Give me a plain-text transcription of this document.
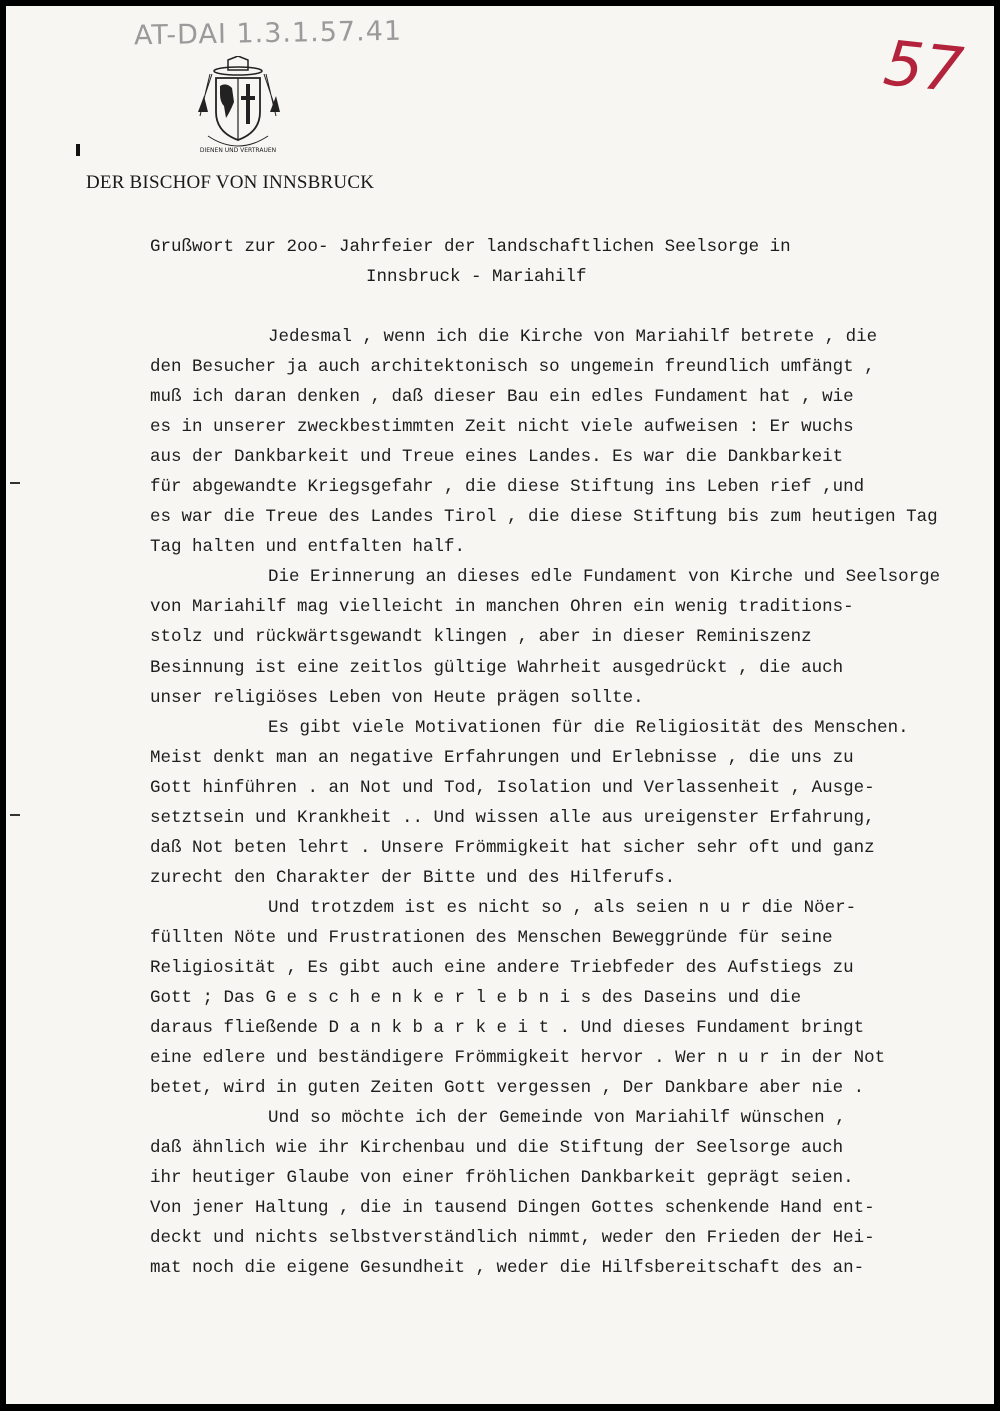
AT-DAI 1.3.1.57.41	57
DIENEN UND VERTRAUEN
DER BISCHOF VON INNSBRUCK
Grußwort zur 2oo- Jahrfeier der landschaftlichen Seelsorge in
Innsbruck - Mariahilf
Jedesmal , wenn ich die Kirche von Mariahilf betrete , die
den Besucher ja auch architektonisch so ungemein freundlich umfängt ,
muß ich daran denken , daß dieser Bau ein edles Fundament hat , wie
es in unserer zweckbestimmten Zeit nicht viele aufweisen : Er wuchs
aus der Dankbarkeit und Treue eines Landes. Es war die Dankbarkeit
für abgewandte Kriegsgefahr , die diese Stiftung ins Leben rief ,und
es war die Treue des Landes Tirol , die diese Stiftung bis zum heutigen Tag
Tag halten und entfalten half.
Die Erinnerung an dieses edle Fundament von Kirche und Seelsorge
von Mariahilf mag vielleicht in manchen Ohren ein wenig traditions-
stolz und rückwärtsgewandt klingen , aber in dieser Reminiszenz
Besinnung ist eine zeitlos gültige Wahrheit ausgedrückt , die auch
unser religiöses Leben von Heute prägen sollte.
Es gibt viele Motivationen für die Religiosität des Menschen.
Meist denkt man an negative Erfahrungen und Erlebnisse , die uns zu
Gott hinführen . an Not und Tod, Isolation und Verlassenheit , Ausge-
setztsein und Krankheit .. Und wissen alle aus ureigenster Erfahrung,
daß Not beten lehrt . Unsere Frömmigkeit hat sicher sehr oft und ganz
zurecht den Charakter der Bitte und des Hilferufs.
Und trotzdem ist es nicht so , als seien n u r die Nöer-
füllten Nöte und Frustrationen des Menschen Beweggründe für seine
Religiosität , Es gibt auch eine andere Triebfeder des Aufstiegs zu
Gott ; Das G e s c h e n k e r l e b n i s des Daseins und die
daraus fließende D a n k b a r k e i t . Und dieses Fundament bringt
eine edlere und beständigere Frömmigkeit hervor . Wer n u r in der Not
betet, wird in guten Zeiten Gott vergessen , Der Dankbare aber nie .
Und so möchte ich der Gemeinde von Mariahilf wünschen ,
daß ähnlich wie ihr Kirchenbau und die Stiftung der Seelsorge auch
ihr heutiger Glaube von einer fröhlichen Dankbarkeit geprägt seien.
Von jener Haltung , die in tausend Dingen Gottes schenkende Hand ent-
deckt und nichts selbstverständlich nimmt, weder den Frieden der Hei-
mat noch die eigene Gesundheit , weder die Hilfsbereitschaft des an-
